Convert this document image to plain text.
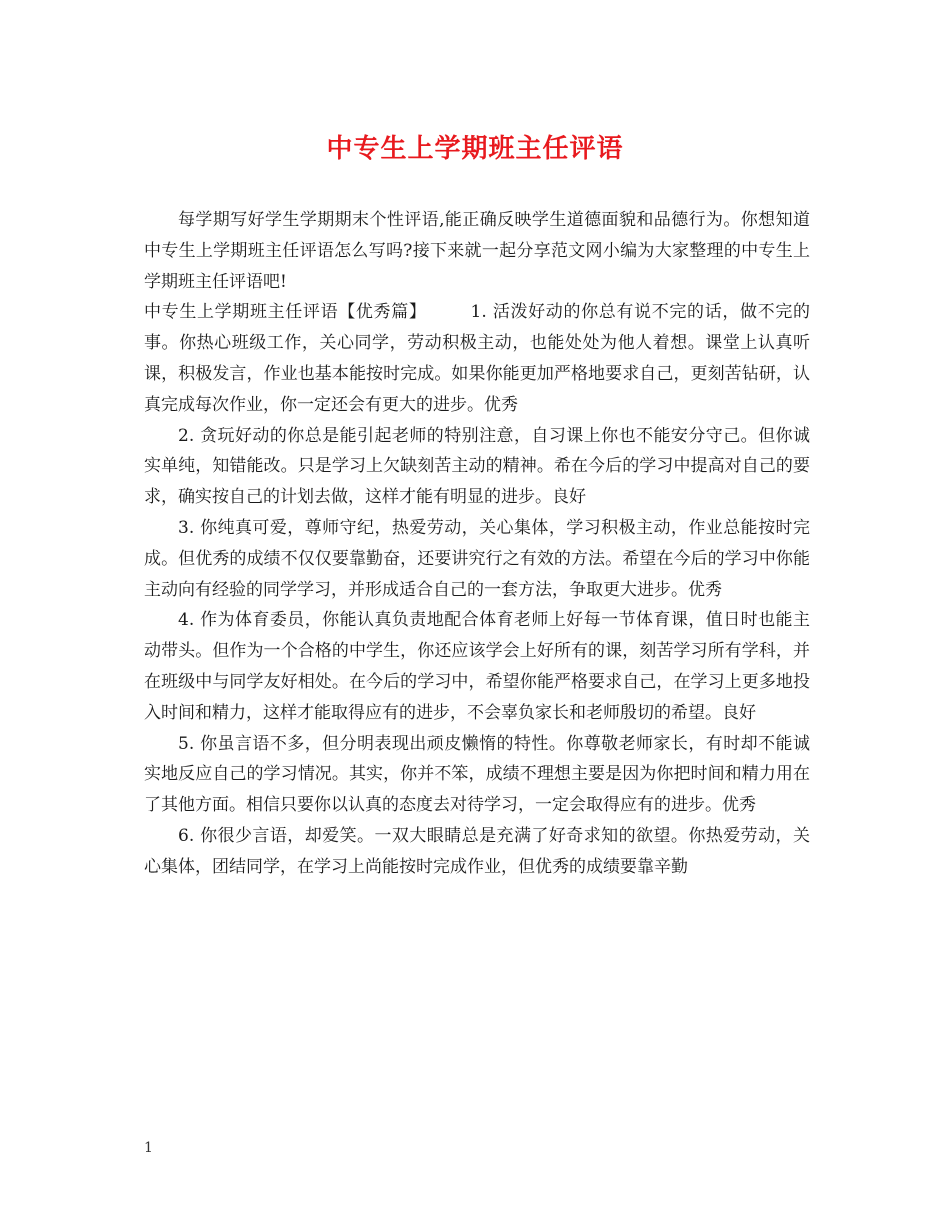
中专生上学期班主任评语

每学期写好学生学期期末个性评语,能正确反映学生道德面貌和品德行为。你想知道中专生上学期班主任评语怎么写吗?接下来就一起分享范文网小编为大家整理的中专生上学期班主任评语吧!

中专生上学期班主任评语【优秀篇】	1. 活泼好动的你总有说不完的话，做不完的事。你热心班级工作，关心同学，劳动积极主动，也能处处为他人着想。课堂上认真听课，积极发言，作业也基本能按时完成。如果你能更加严格地要求自己，更刻苦钻研，认真完成每次作业，你一定还会有更大的进步。优秀

2. 贪玩好动的你总是能引起老师的特别注意，自习课上你也不能安分守己。但你诚实单纯，知错能改。只是学习上欠缺刻苦主动的精神。希在今后的学习中提高对自己的要求，确实按自己的计划去做，这样才能有明显的进步。良好

3. 你纯真可爱，尊师守纪，热爱劳动，关心集体，学习积极主动，作业总能按时完成。但优秀的成绩不仅仅要靠勤奋，还要讲究行之有效的方法。希望在今后的学习中你能主动向有经验的同学学习，并形成适合自己的一套方法，争取更大进步。优秀

4. 作为体育委员，你能认真负责地配合体育老师上好每一节体育课，值日时也能主动带头。但作为一个合格的中学生，你还应该学会上好所有的课，刻苦学习所有学科，并在班级中与同学友好相处。在今后的学习中，希望你能严格要求自己，在学习上更多地投入时间和精力，这样才能取得应有的进步，不会辜负家长和老师殷切的希望。良好

5. 你虽言语不多，但分明表现出顽皮懒惰的特性。你尊敬老师家长，有时却不能诚实地反应自己的学习情况。其实，你并不笨，成绩不理想主要是因为你把时间和精力用在了其他方面。相信只要你以认真的态度去对待学习，一定会取得应有的进步。优秀

6. 你很少言语，却爱笑。一双大眼睛总是充满了好奇求知的欲望。你热爱劳动，关心集体，团结同学，在学习上尚能按时完成作业，但优秀的成绩要靠辛勤

1
